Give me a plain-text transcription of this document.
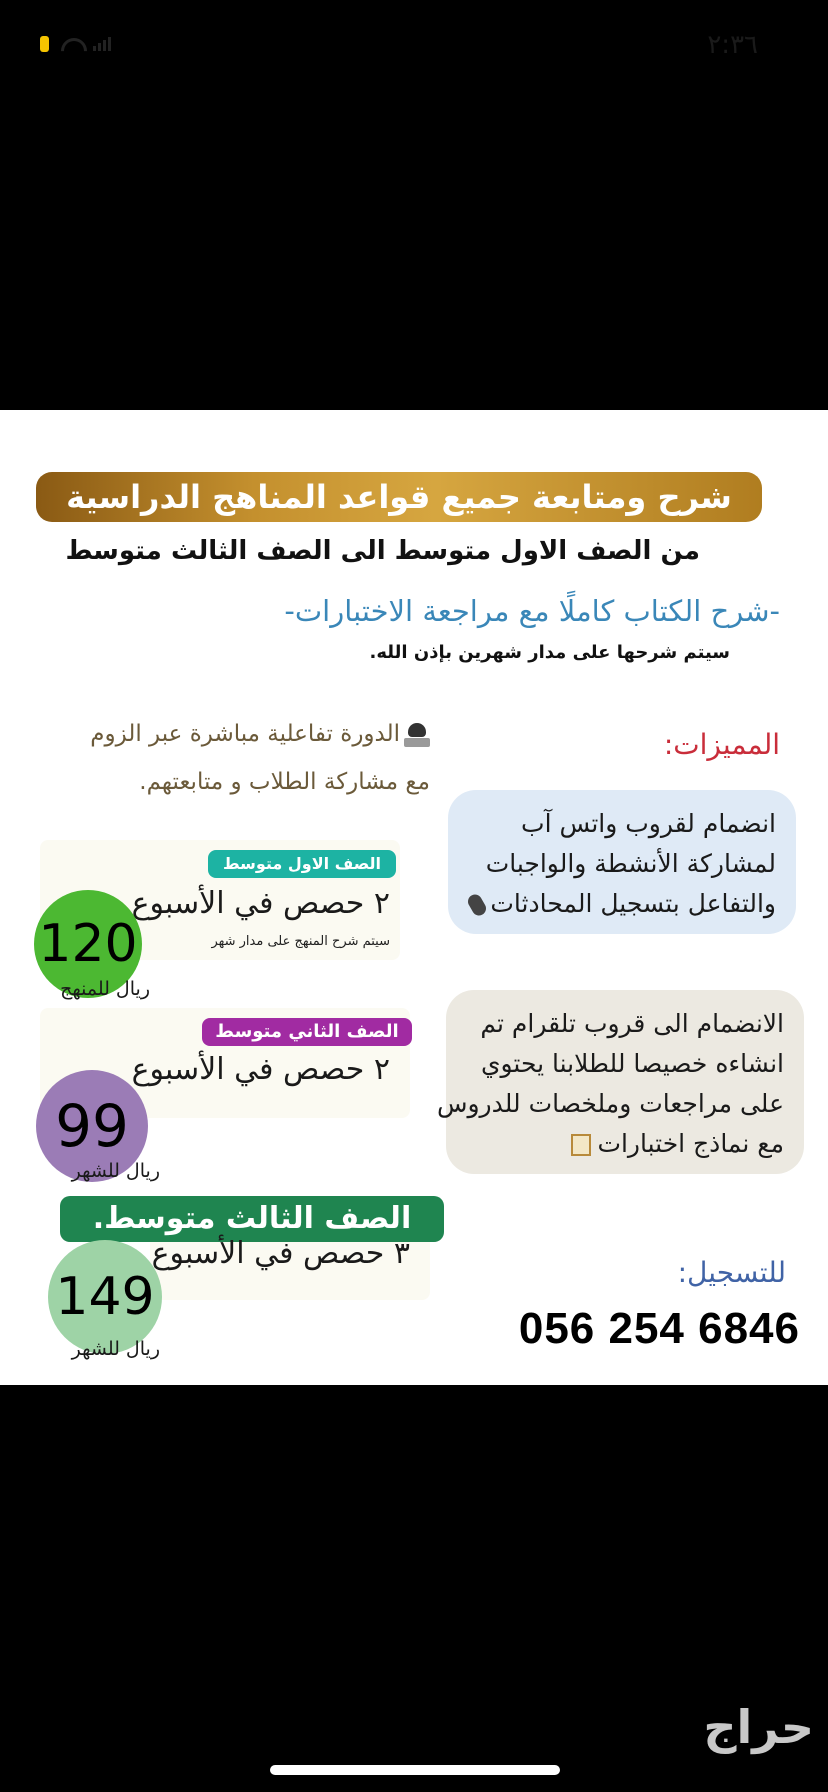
٢:٣٦
شرح ومتابعة جميع قواعد المناهج الدراسية
من الصف الاول متوسط الى الصف الثالث متوسط
-شرح الكتاب كاملًا مع مراجعة الاختبارات-
سيتم شرحها على مدار شهرين بإذن الله.
الدورة تفاعلية مباشرة عبر الزوم
مع مشاركة الطلاب و متابعتهم.
المميزات:
انضمام لقروب واتس آب
لمشاركة الأنشطة والواجبات
والتفاعل بتسجيل المحادثات
الانضمام الى قروب تلقرام تم
انشاءه خصيصا للطلابنا يحتوي
على مراجعات وملخصات للدروس
مع نماذج اختبارات
الصف الاول متوسط
٢ حصص في الأسبوع
سيتم شرح المنهج على مدار شهر
120
ريال للمنهج
الصف الثاني متوسط
٢ حصص في الأسبوع
99
ريال للشهر
الصف الثالث متوسط.
٣ حصص في الأسبوع
149
ريال للشهر
للتسجيل:
056 254 6846
حراج
